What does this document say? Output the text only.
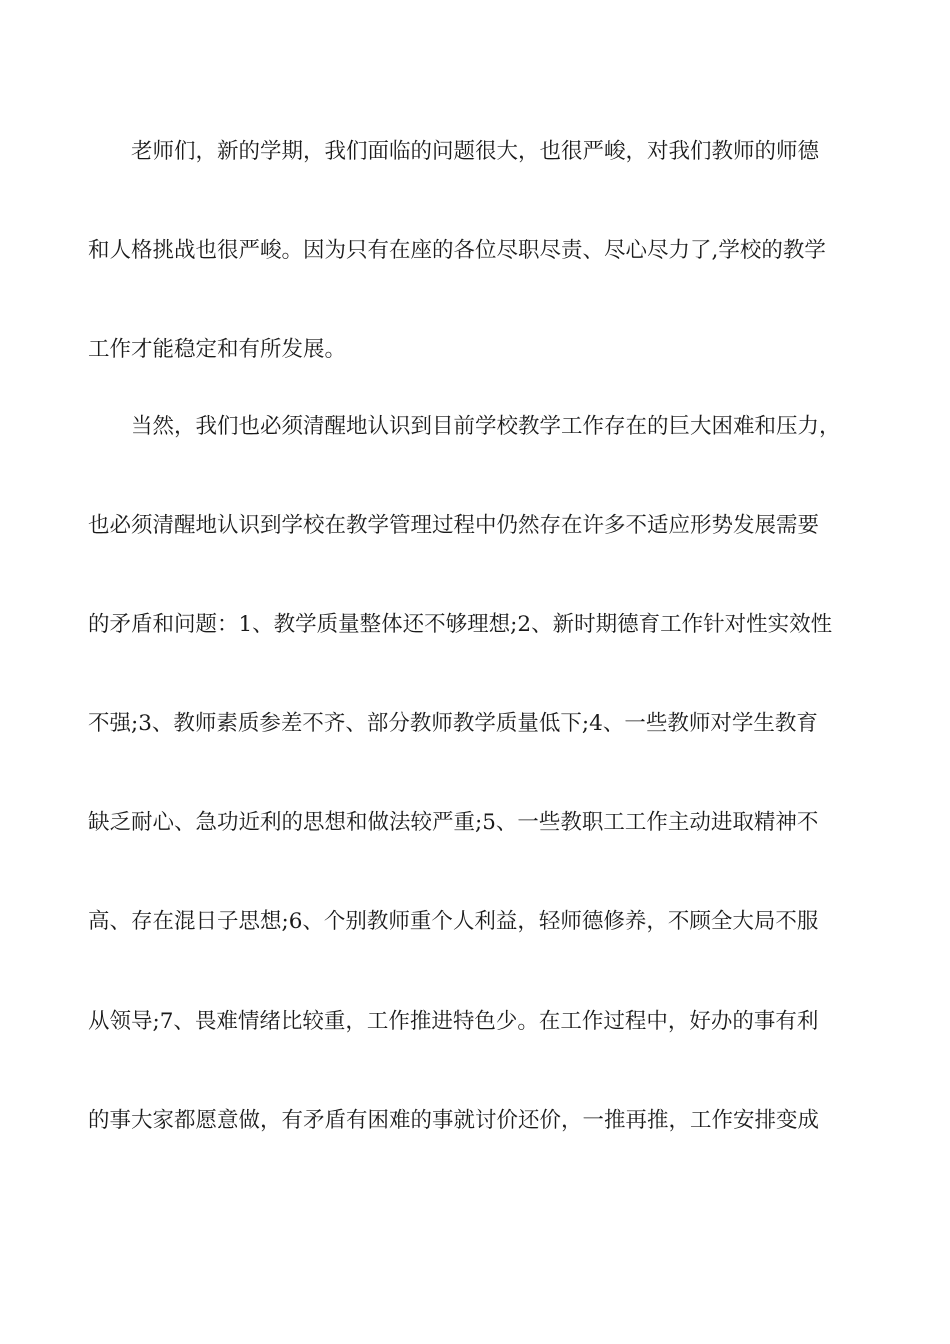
老师们，新的学期，我们面临的问题很大，也很严峻，对我们教师的师德
和人格挑战也很严峻。因为只有在座的各位尽职尽责、尽心尽力了,学校的教学
工作才能稳定和有所发展。
当然，我们也必须清醒地认识到目前学校教学工作存在的巨大困难和压力，
也必须清醒地认识到学校在教学管理过程中仍然存在许多不适应形势发展需要
的矛盾和问题：1、教学质量整体还不够理想;2、新时期德育工作针对性实效性
不强;3、教师素质参差不齐、部分教师教学质量低下;4、一些教师对学生教育
缺乏耐心、急功近利的思想和做法较严重;5、一些教职工工作主动进取精神不
高、存在混日子思想;6、个别教师重个人利益，轻师德修养，不顾全大局不服
从领导;7、畏难情绪比较重，工作推进特色少。在工作过程中，好办的事有利
的事大家都愿意做，有矛盾有困难的事就讨价还价，一推再推，工作安排变成
